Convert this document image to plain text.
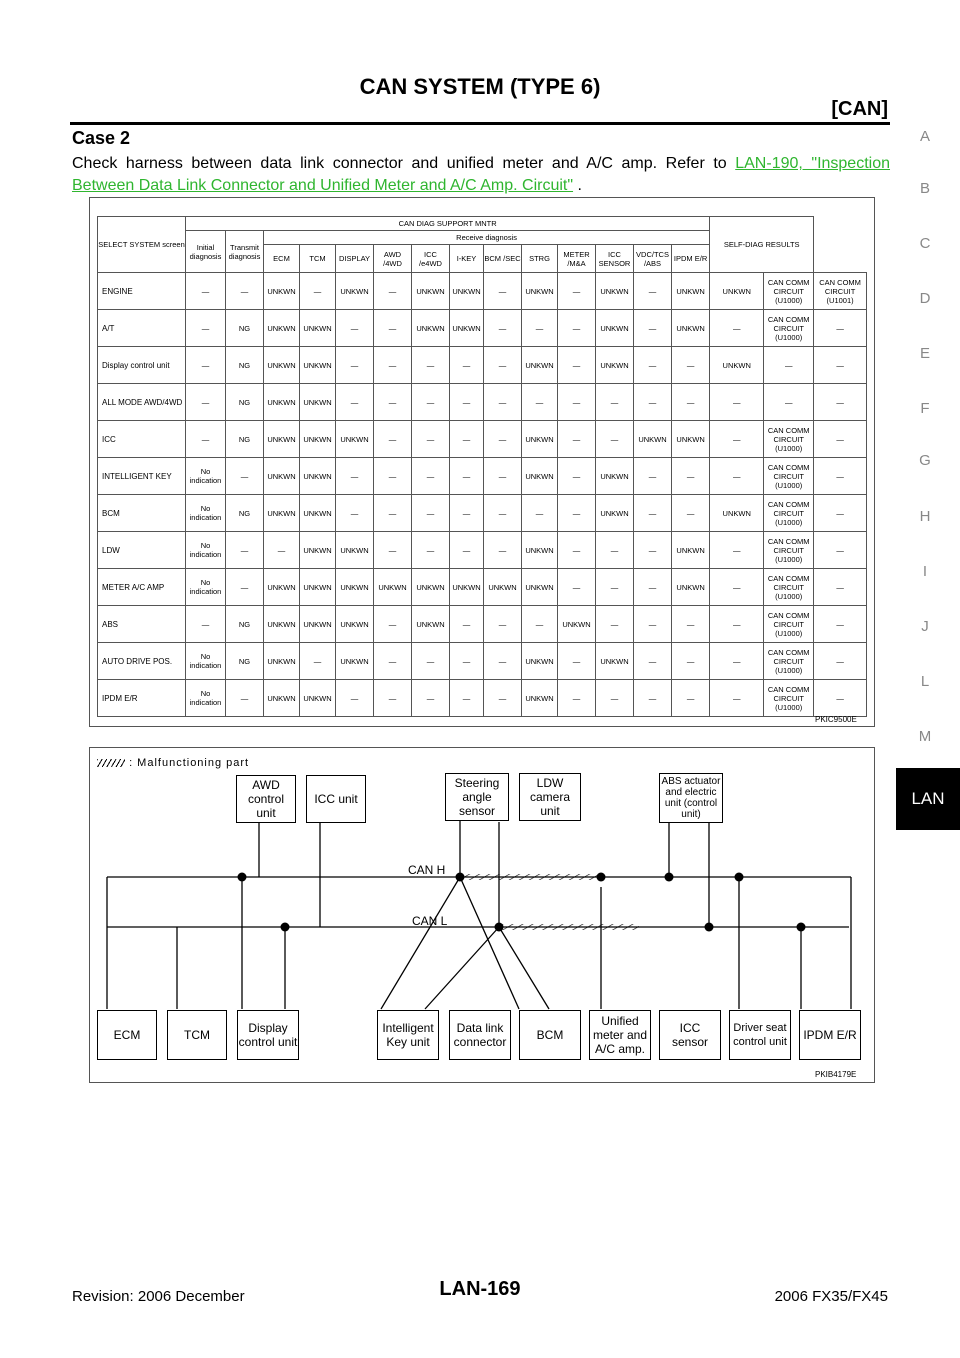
CAN SYSTEM (TYPE 6)
[CAN]
Case 2
Check harness between data link connector and unified meter and A/C amp. Refer to LAN-190, "Inspection Between Data Link Connector and Unified Meter and A/C Amp. Circuit" .
SELECT SYSTEM screen	CAN DIAG SUPPORT MNTR														SELF-DIAG RESULTS		
	Initial diagnosis	Transmit diagnosis	Receive diagnosis														
			ECM	TCM	DISPLAY	AWD /4WD	ICC /e4WD	I-KEY	BCM /SEC	STRG	METER /M&A	ICC SENSOR	VDC/TCS /ABS	IPDM E/R			
ENGINE	—	—	UNKWN	—	UNKWN	—	UNKWN	UNKWN	—	UNKWN	—	UNKWN	—	UNKWN	UNKWN	CAN COMM CIRCUIT (U1000)	CAN COMM CIRCUIT (U1001)
A/T	—	NG	UNKWN	UNKWN	—	—	UNKWN	UNKWN	—	—	—	UNKWN	—	UNKWN	—	CAN COMM CIRCUIT (U1000)	—
Display control unit	—	NG	UNKWN	UNKWN	—	—	—	—	—	UNKWN	—	UNKWN	—	—	UNKWN	—	—
ALL MODE AWD/4WD	—	NG	UNKWN	UNKWN	—	—	—	—	—	—	—	—	—	—	—	—	—
ICC	—	NG	UNKWN	UNKWN	UNKWN	—	—	—	—	UNKWN	—	—	UNKWN	UNKWN	—	CAN COMM CIRCUIT (U1000)	—
INTELLIGENT KEY	No indication	—	UNKWN	UNKWN	—	—	—	—	—	UNKWN	—	UNKWN	—	—	—	CAN COMM CIRCUIT (U1000)	—
BCM	No indication	NG	UNKWN	UNKWN	—	—	—	—	—	—	—	UNKWN	—	—	UNKWN	CAN COMM CIRCUIT (U1000)	—
LDW	No indication	—	—	UNKWN	UNKWN	—	—	—	—	UNKWN	—	—	—	UNKWN	—	CAN COMM CIRCUIT (U1000)	—
METER A/C AMP	No indication	—	UNKWN	UNKWN	UNKWN	UNKWN	UNKWN	UNKWN	UNKWN	UNKWN	—	—	—	UNKWN	—	CAN COMM CIRCUIT (U1000)	—
ABS	—	NG	UNKWN	UNKWN	UNKWN	—	UNKWN	—	—	—	UNKWN	—	—	—	—	CAN COMM CIRCUIT (U1000)	—
AUTO DRIVE POS.	No indication	NG	UNKWN	—	UNKWN	—	—	—	—	UNKWN	—	UNKWN	—	—	—	CAN COMM CIRCUIT (U1000)	—
IPDM E/R	No indication	—	UNKWN	UNKWN	—	—	—	—	—	UNKWN	—	—	—	—	—	CAN COMM CIRCUIT (U1000)	—
PKIC9500E
: Malfunctioning part
CAN H
CAN L
AWD control unit
ICC unit
Steering angle sensor
LDW camera unit
ABS actuator and electric unit (control unit)
ECM	TCM	Display control unit
Intelligent Key unit
Data link connector	BCM
Unified meter and A/C amp.
ICC sensor
Driver seat control unit	IPDM E/R
PKIB4179E
Revision: 2006 December	LAN-169	2006 FX35/FX45
A
B
C
D
E
F
G
H
I
J
LAN
L
M
